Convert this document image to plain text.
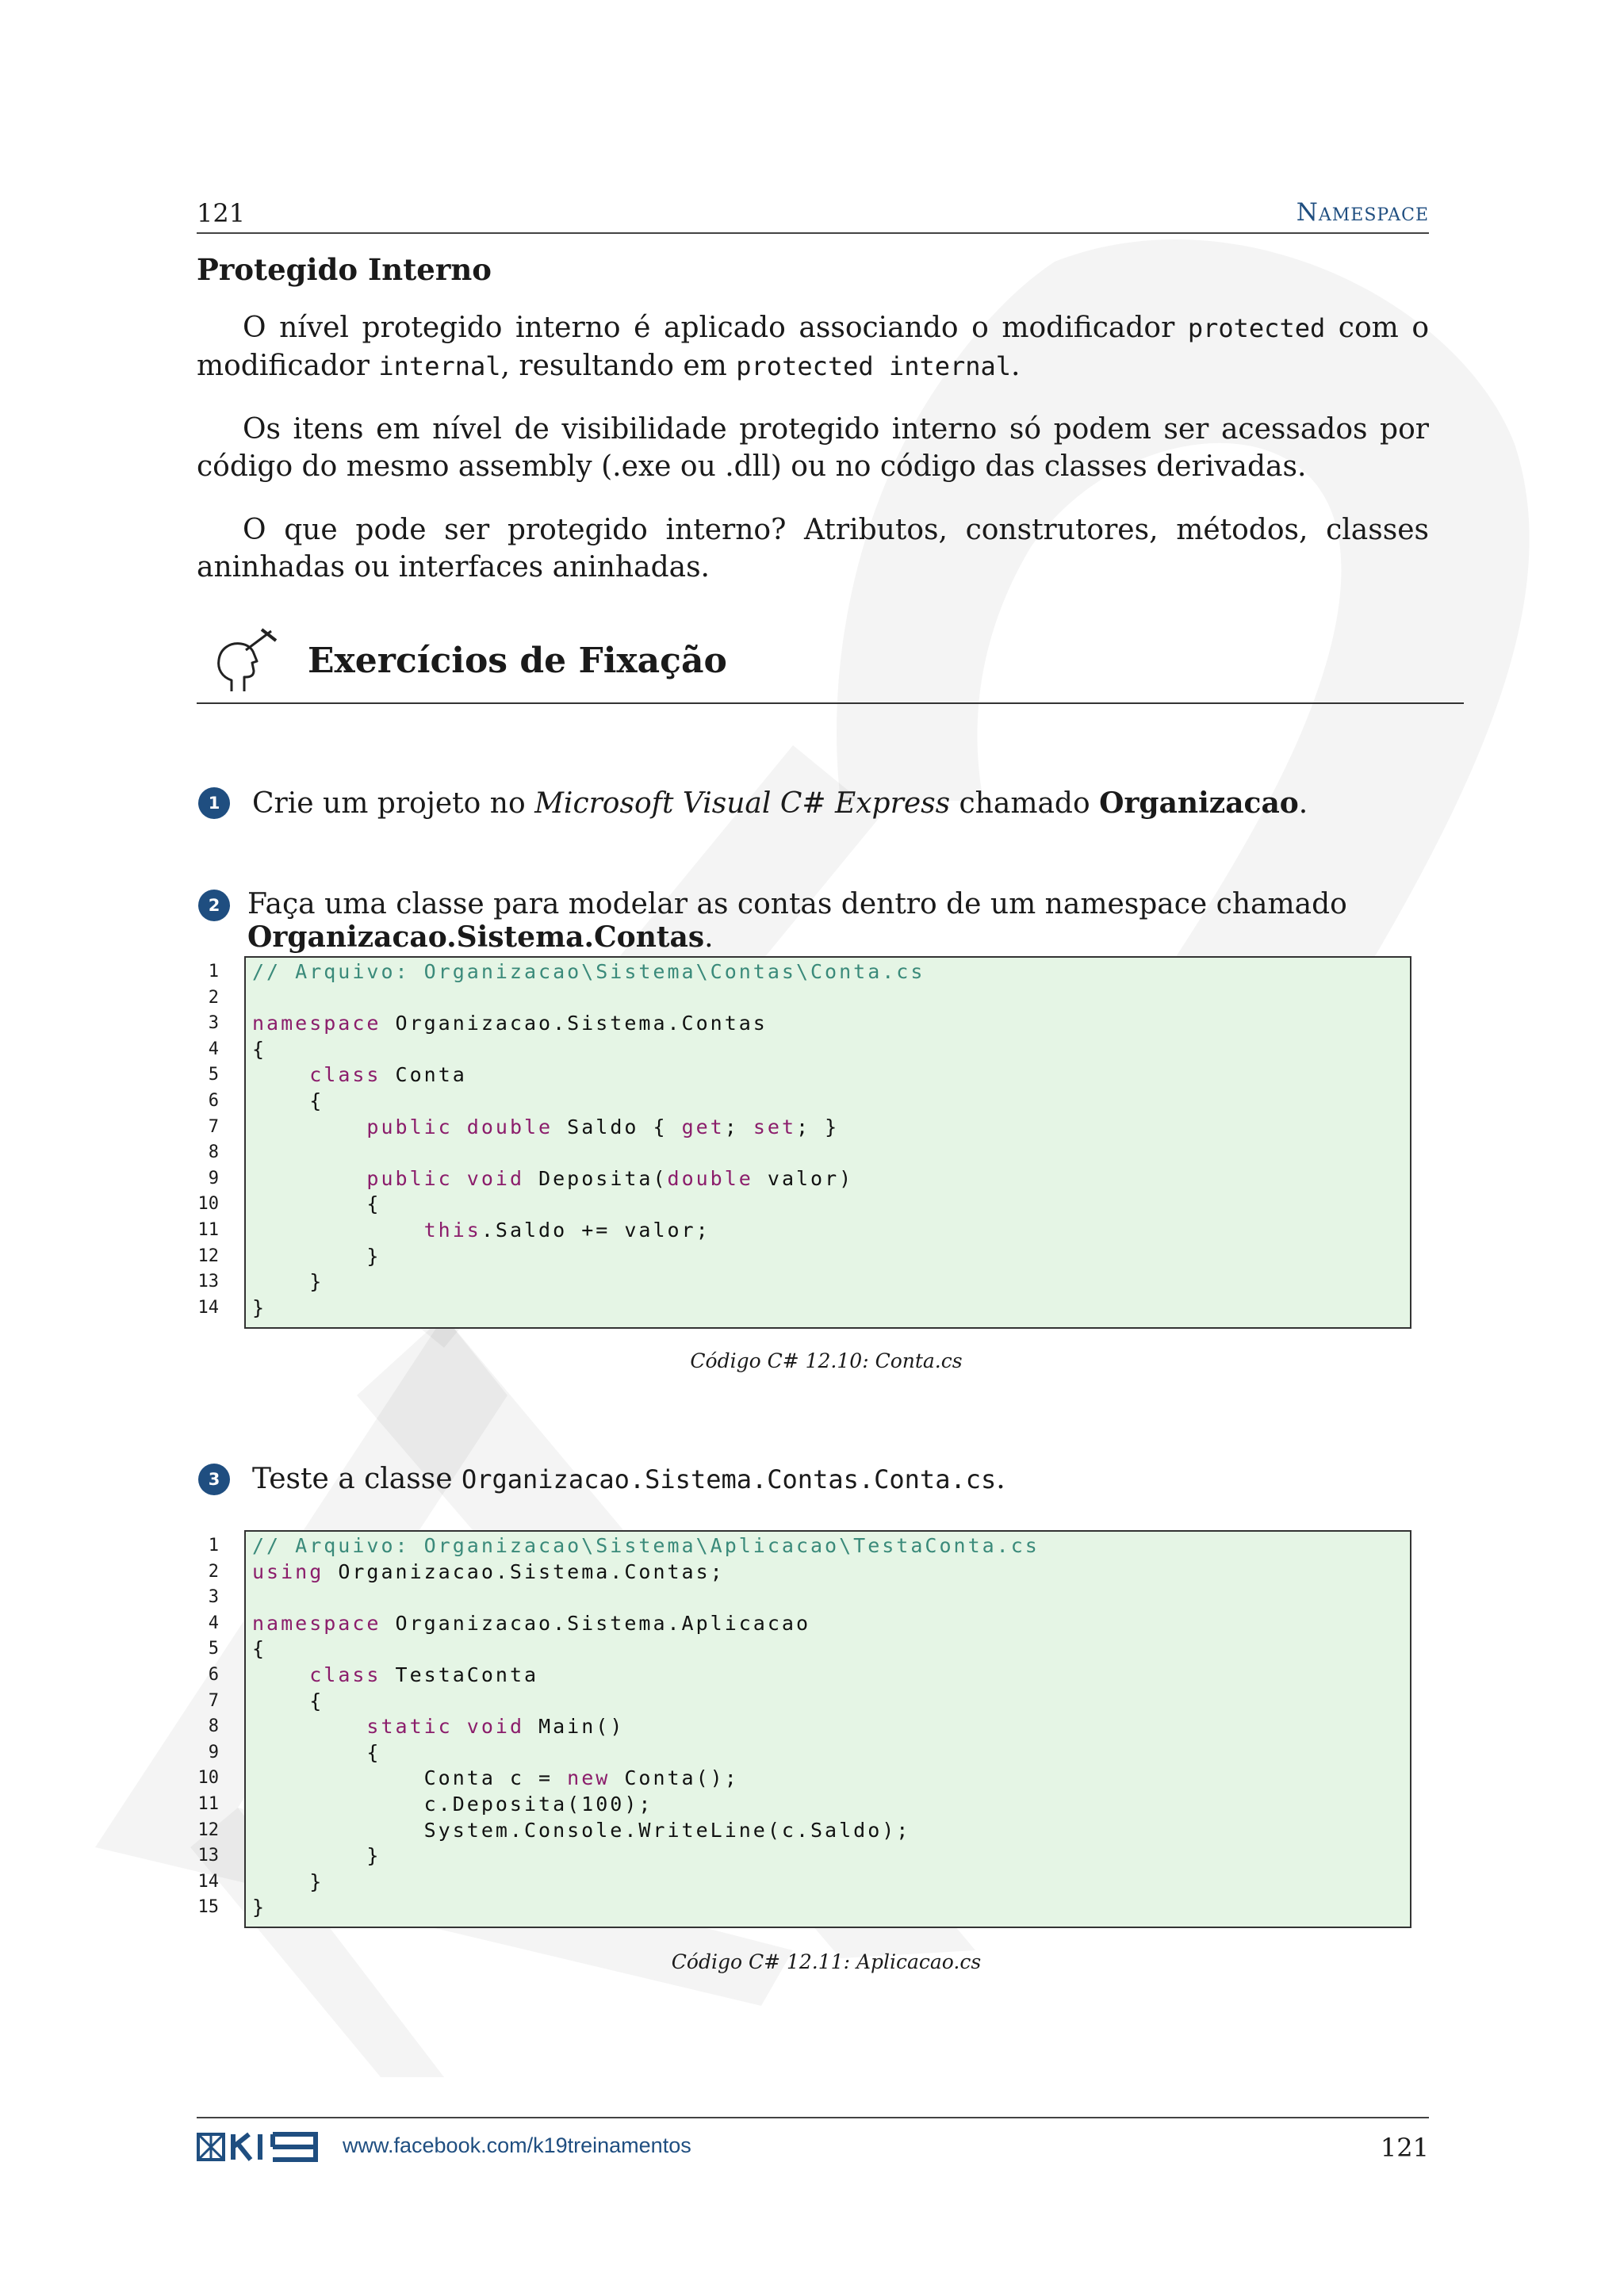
121	Namespace
Protegido Interno
O nível protegido interno é aplicado associando o modificador protected com o modificador internal, resultando em protected internal.
Os itens em nível de visibilidade protegido interno só podem ser acessados por código do mesmo assembly (.exe ou .dll) ou no código das classes derivadas.
O que pode ser protegido interno? Atributos, construtores, métodos, classes aninhadas ou interfaces aninhadas.
Exercícios de Fixação
1	Crie um projeto no Microsoft Visual C# Express chamado Organizacao.
2 Faça uma classe para modelar as contas dentro de um namespace chamado Organizacao.Sistema.Contas.
1
2
3
4
5
6
7
8
9
10
11
12
13
14
// Arquivo: Organizacao\Sistema\Contas\Conta.cs

namespace Organizacao.Sistema.Contas
{
class Conta
{
public double Saldo { get; set; }

public void Deposita(double valor)
{
this.Saldo += valor;
}
}
}
Código C# 12.10: Conta.cs
3	Teste a classe Organizacao.Sistema.Contas.Conta.cs.
1
2
3
4
5
6
7
8
9
10
11
12
13
14
15
// Arquivo: Organizacao\Sistema\Aplicacao\TestaConta.cs
using Organizacao.Sistema.Contas;

namespace Organizacao.Sistema.Aplicacao
{
class TestaConta
{
static void Main()
{
Conta c = new Conta();
c.Deposita(100);
System.Console.WriteLine(c.Saldo);
}
}
}
Código C# 12.11: Aplicacao.cs
www.facebook.com/k19treinamentos	121
